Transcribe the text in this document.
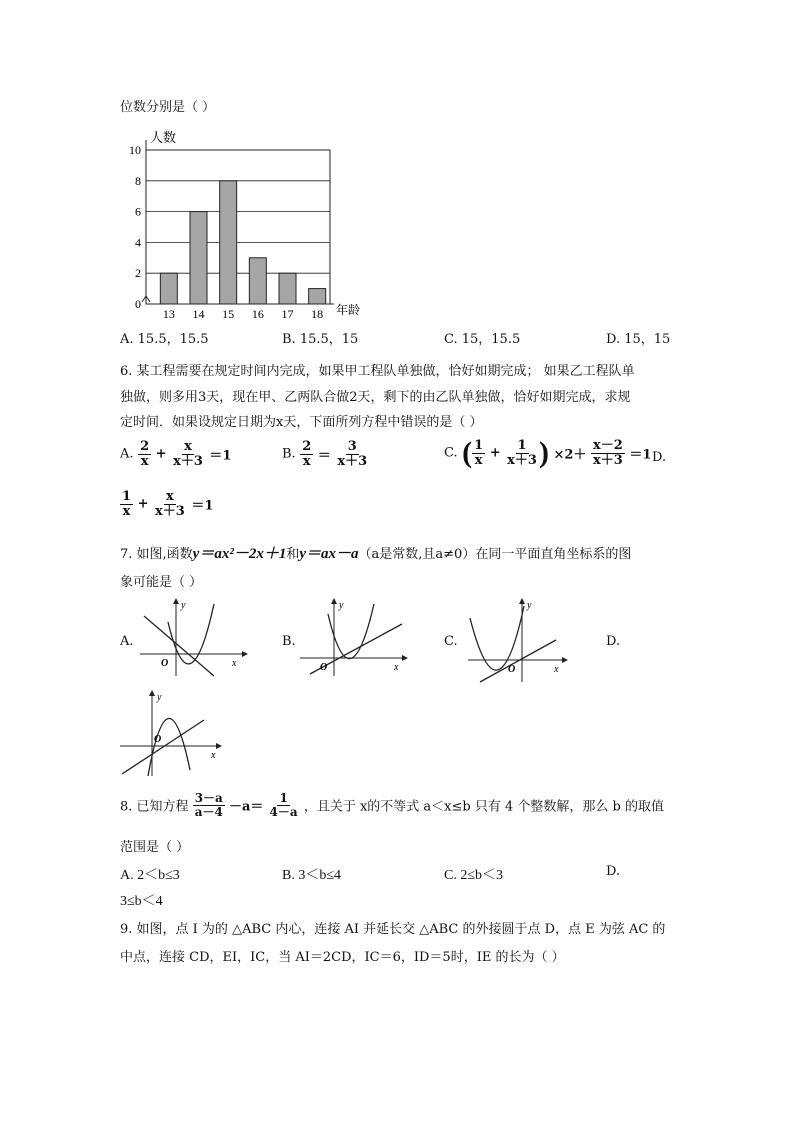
位数分别是（ ）
0
2
4
6
8
10
13 14 15 16 17 18
人数
年龄
A. 15.5，15.5	B. 15.5，15	C. 15，15.5	D. 15，15
6. 某工程需要在规定时间内完成，如果甲工程队单独做，恰好如期完成； 如果乙工程队单
独做，则多用3天，现在甲、乙两队合做2天，剩下的由乙队单独做，恰好如期完成，求规
定时间．如果设规定日期为x天，下面所列方程中错误的是（ ）
A. $\frac{2}{x} + \frac{x}{x+3} =1$	B. $\frac{2}{x} = \frac{3}{x+3}$	C. ( $\frac{1}{x} + \frac{1}{x+3}$ ) $\times 2+ \frac{x-2}{x+3} =1$ D.
$\frac{1}{x} + \frac{x}{x+3} =1$
7. 如图,函数y＝ax²－2x＋1和y＝ax－a（a是常数,且a≠0）在同一平面直角坐标系的图
象可能是（ ）
A.	B.	C.	D.
y
x
O
y
x
O
y
x
O
y
x
O
8. 已知方程 $\frac{3-a}{a-4} -a= \frac{1}{4-a}$ ，且关于 x的不等式 a＜x≤b 只有 4 个整数解，那么 b 的取值
范围是（ ）
A. 2＜b≤3	B. 3＜b≤4	C. 2≤b＜3	D.
3≤b＜4
9. 如图，点 I 为的 △ABC 内心，连接 AI 并延长交 △ABC 的外接圆于点 D，点 E 为弦 AC 的
中点，连接 CD，EI，IC，当 AI＝2CD，IC＝6，ID＝5时，IE 的长为（ ）
